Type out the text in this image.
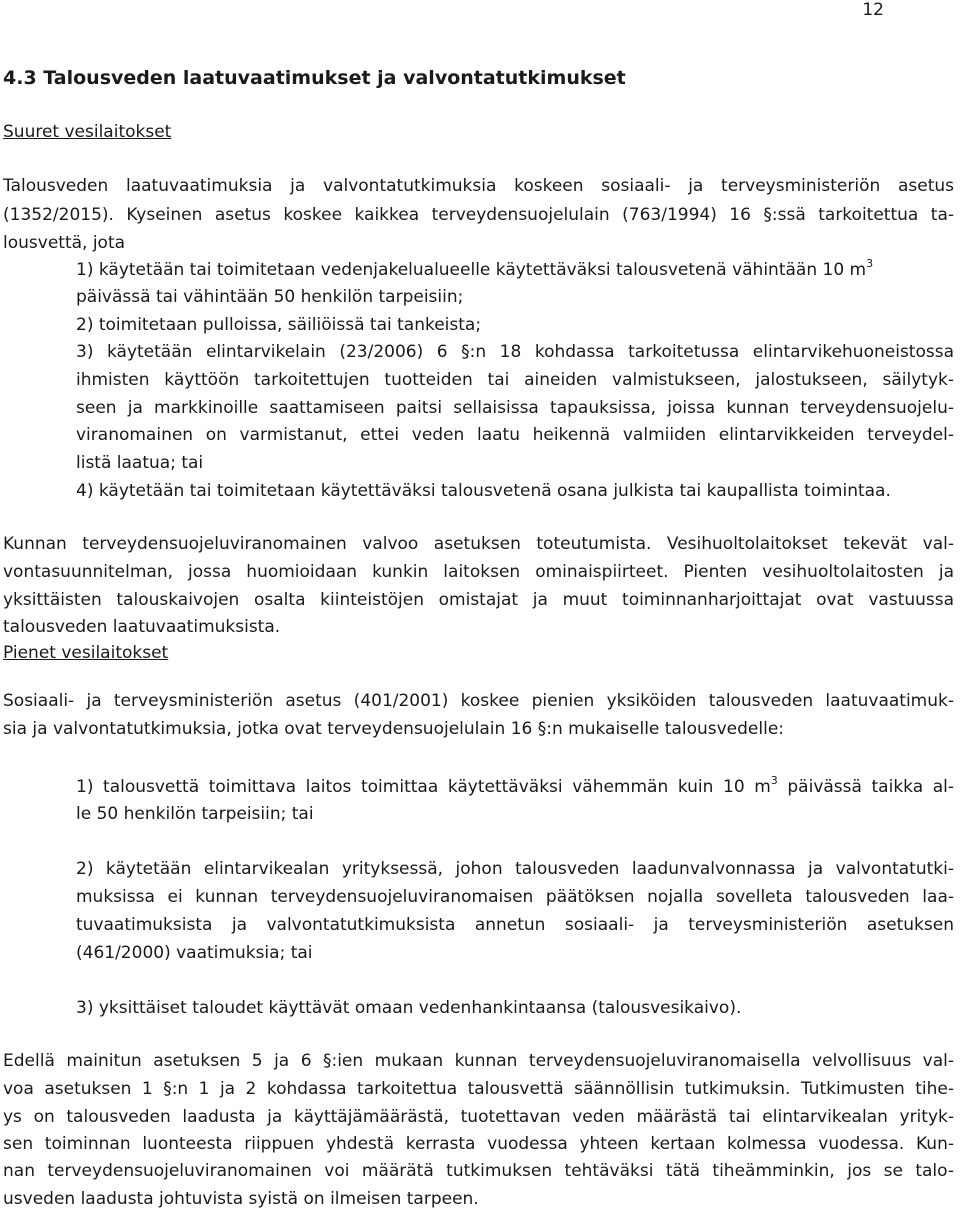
12
4.3 Talousveden laatuvaatimukset ja valvontatutkimukset
Suuret vesilaitokset
Talousveden laatuvaatimuksia ja valvontatutkimuksia koskeen sosiaali- ja terveysministeriön asetus
(1352/2015). Kyseinen asetus koskee kaikkea terveydensuojelulain (763/1994) 16 §:ssä tarkoitettua ta-
lousvettä, jota
1) käytetään tai toimitetaan vedenjakelualueelle käytettäväksi talousvetenä vähintään 10 $m^3$
päivässä tai vähintään 50 henkilön tarpeisiin;
2) toimitetaan pulloissa, säiliöissä tai tankeista;
3) käytetään elintarvikelain (23/2006) 6 §:n 18 kohdassa tarkoitetussa elintarvikehuoneistossa
ihmisten käyttöön tarkoitettujen tuotteiden tai aineiden valmistukseen, jalostukseen, säilytyk-
seen ja markkinoille saattamiseen paitsi sellaisissa tapauksissa, joissa kunnan terveydensuojelu-
viranomainen on varmistanut, ettei veden laatu heikennä valmiiden elintarvikkeiden terveydel-
listä laatua; tai
4) käytetään tai toimitetaan käytettäväksi talousvetenä osana julkista tai kaupallista toimintaa.
Kunnan terveydensuojeluviranomainen valvoo asetuksen toteutumista. Vesihuoltolaitokset tekevät val-
vontasuunnitelman, jossa huomioidaan kunkin laitoksen ominaispiirteet. Pienten vesihuoltolaitosten ja
yksittäisten talouskaivojen osalta kiinteistöjen omistajat ja muut toiminnanharjoittajat ovat vastuussa
talousveden laatuvaatimuksista.
Pienet vesilaitokset
Sosiaali- ja terveysministeriön asetus (401/2001) koskee pienien yksiköiden talousveden laatuvaatimuk-
sia ja valvontatutkimuksia, jotka ovat terveydensuojelulain 16 §:n mukaiselle talousvedelle:
1) talousvettä toimittava laitos toimittaa käytettäväksi vähemmän kuin 10 $m^3$ päivässä taikka al-
le 50 henkilön tarpeisiin; tai
2) käytetään elintarvikealan yrityksessä, johon talousveden laadunvalvonnassa ja valvontatutki-
muksissa ei kunnan terveydensuojeluviranomaisen päätöksen nojalla sovelleta talousveden laa-
tuvaatimuksista ja valvontatutkimuksista annetun sosiaali- ja terveysministeriön asetuksen
(461/2000) vaatimuksia; tai
3) yksittäiset taloudet käyttävät omaan vedenhankintaansa (talousvesikaivo).
Edellä mainitun asetuksen 5 ja 6 §:ien mukaan kunnan terveydensuojeluviranomaisella velvollisuus val-
voa asetuksen 1 §:n 1 ja 2 kohdassa tarkoitettua talousvettä säännöllisin tutkimuksin. Tutkimusten tihe-
ys on talousveden laadusta ja käyttäjämäärästä, tuotettavan veden määrästä tai elintarvikealan yrityk-
sen toiminnan luonteesta riippuen yhdestä kerrasta vuodessa yhteen kertaan kolmessa vuodessa. Kun-
nan terveydensuojeluviranomainen voi määrätä tutkimuksen tehtäväksi tätä tiheämminkin, jos se talo-
usveden laadusta johtuvista syistä on ilmeisen tarpeen.
